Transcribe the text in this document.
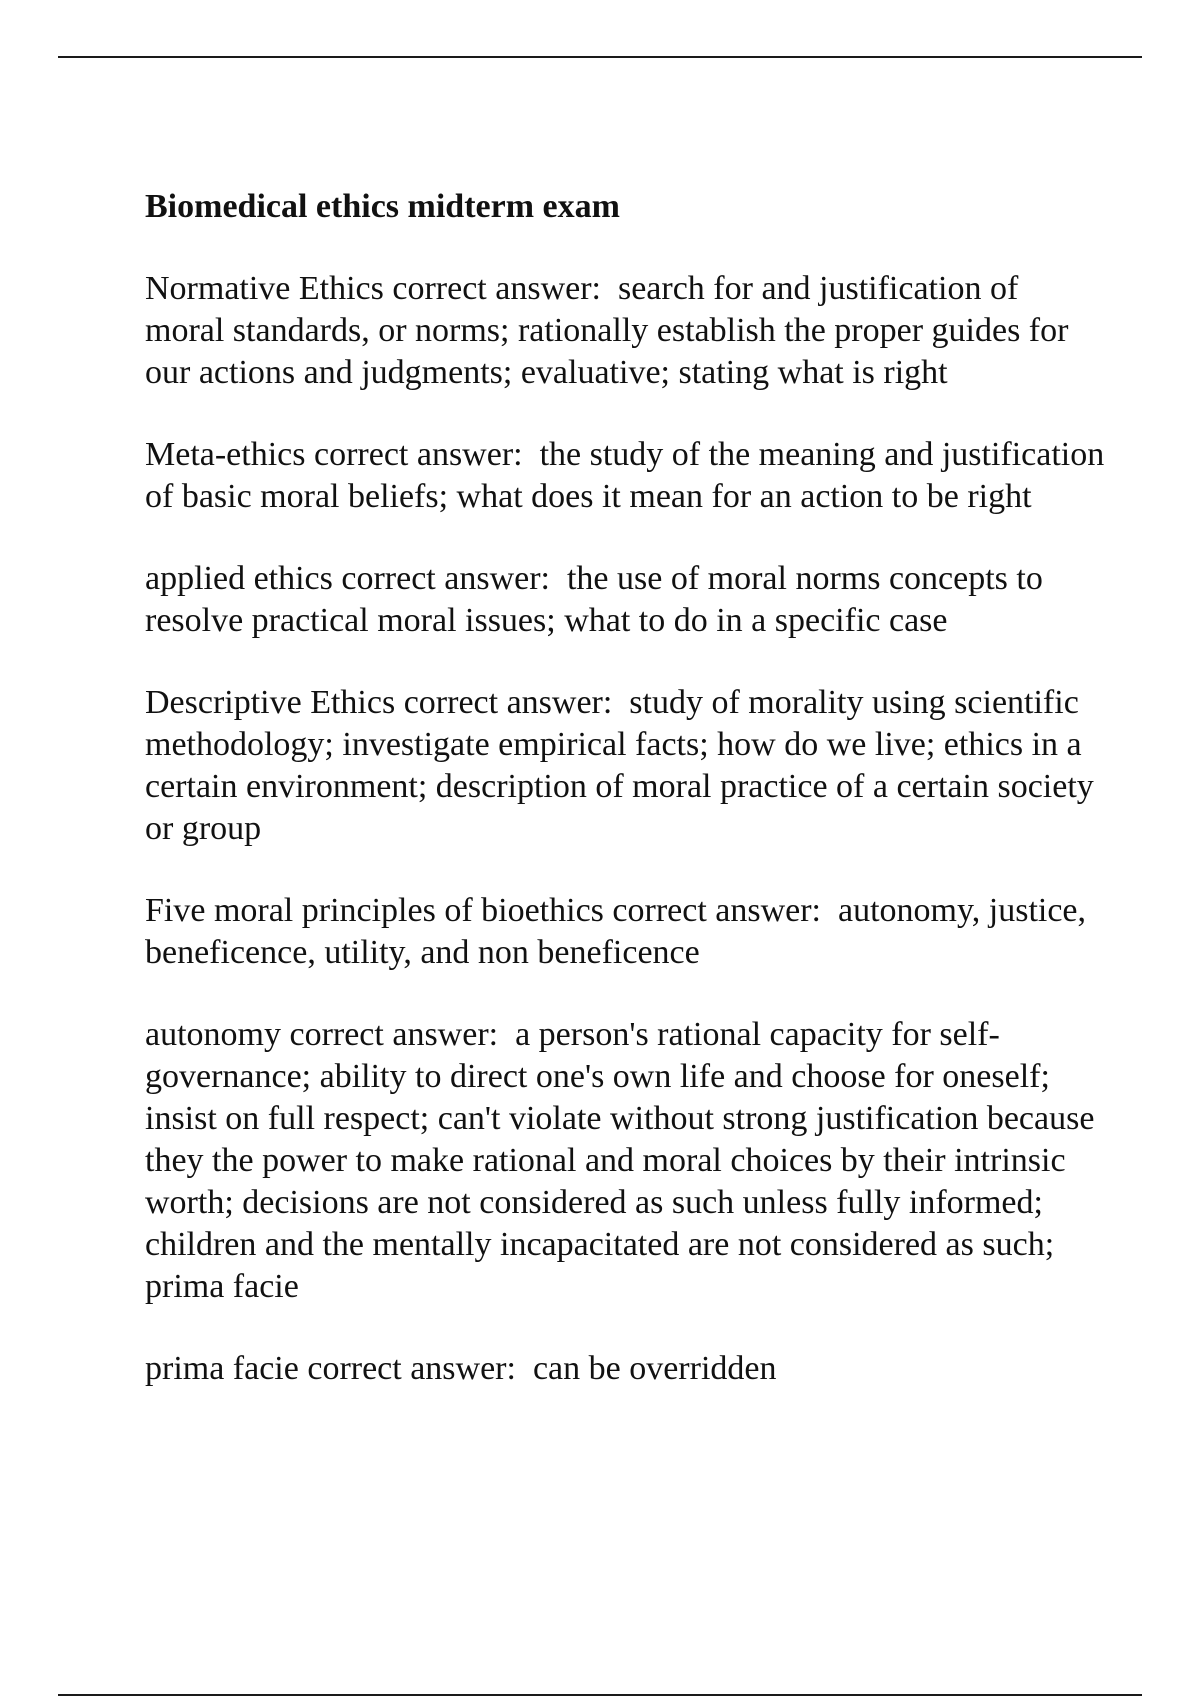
Biomedical ethics midterm exam

Normative Ethics correct answer:  search for and justification of moral standards, or norms; rationally establish the proper guides for our actions and judgments; evaluative; stating what is right

Meta-ethics correct answer:  the study of the meaning and justification of basic moral beliefs; what does it mean for an action to be right

applied ethics correct answer:  the use of moral norms concepts to resolve practical moral issues; what to do in a specific case

Descriptive Ethics correct answer:  study of morality using scientific methodology; investigate empirical facts; how do we live; ethics in a certain environment; description of moral practice of a certain society or group

Five moral principles of bioethics correct answer:  autonomy, justice, beneficence, utility, and non beneficence

autonomy correct answer:  a person's rational capacity for self-governance; ability to direct one's own life and choose for oneself; insist on full respect; can't violate without strong justification because they the power to make rational and moral choices by their intrinsic worth; decisions are not considered as such unless fully informed; children and the mentally incapacitated are not considered as such; prima facie

prima facie correct answer:  can be overridden
